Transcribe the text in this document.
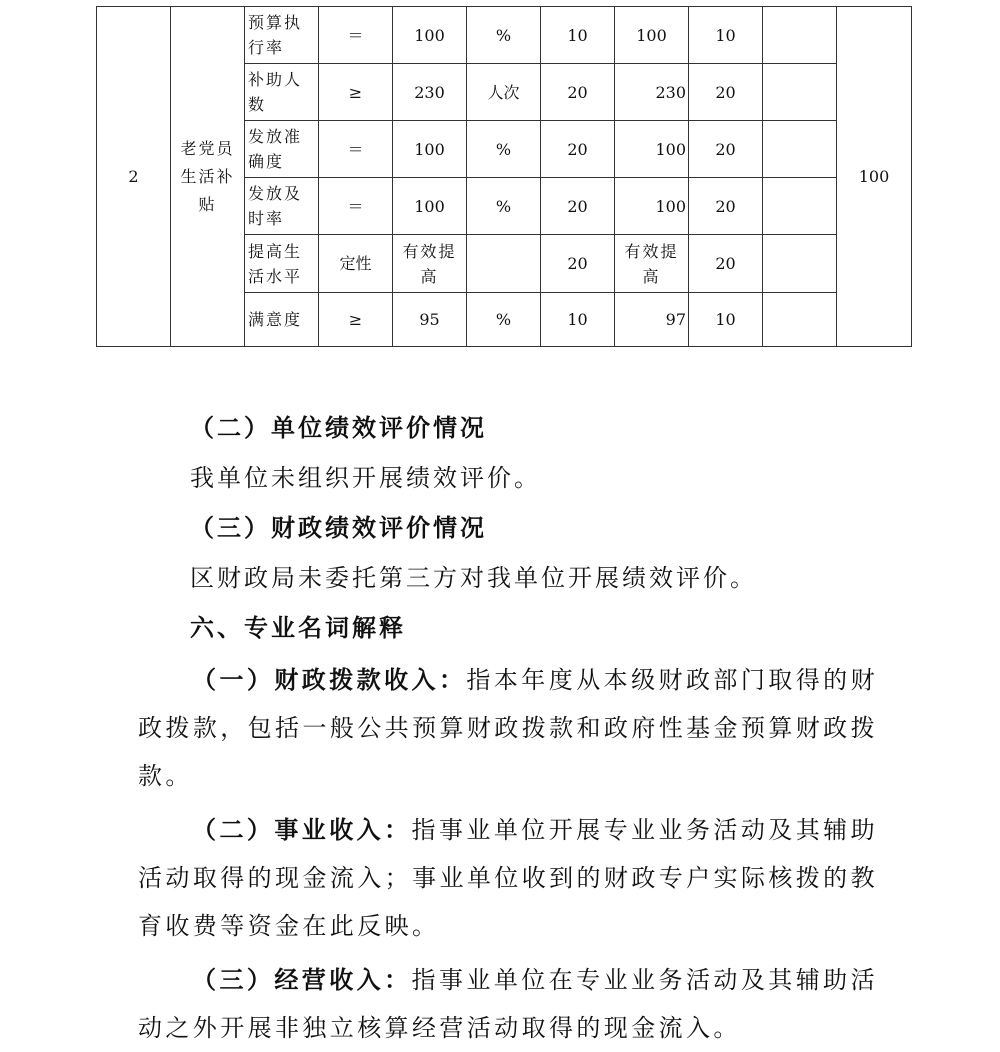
2	老党员生活补贴	预算执行率	＝	100	%	10	100	10		100
		补助人数	≥	230	人次	20	230	20		
		发放准确度	＝	100	%	20	100	20		
		发放及时率	＝	100	%	20	100	20		
		提高生活水平	定性	有效提高		20	有效提高	20		
		满意度	≥	95	%	10	97	10		

（二）单位绩效评价情况

我单位未组织开展绩效评价。

（三）财政绩效评价情况

区财政局未委托第三方对我单位开展绩效评价。

六、专业名词解释

（一）财政拨款收入：指本年度从本级财政部门取得的财政拨款，包括一般公共预算财政拨款和政府性基金预算财政拨款。

（二）事业收入：指事业单位开展专业业务活动及其辅助活动取得的现金流入；事业单位收到的财政专户实际核拨的教育收费等资金在此反映。

（三）经营收入：指事业单位在专业业务活动及其辅助活动之外开展非独立核算经营活动取得的现金流入。
